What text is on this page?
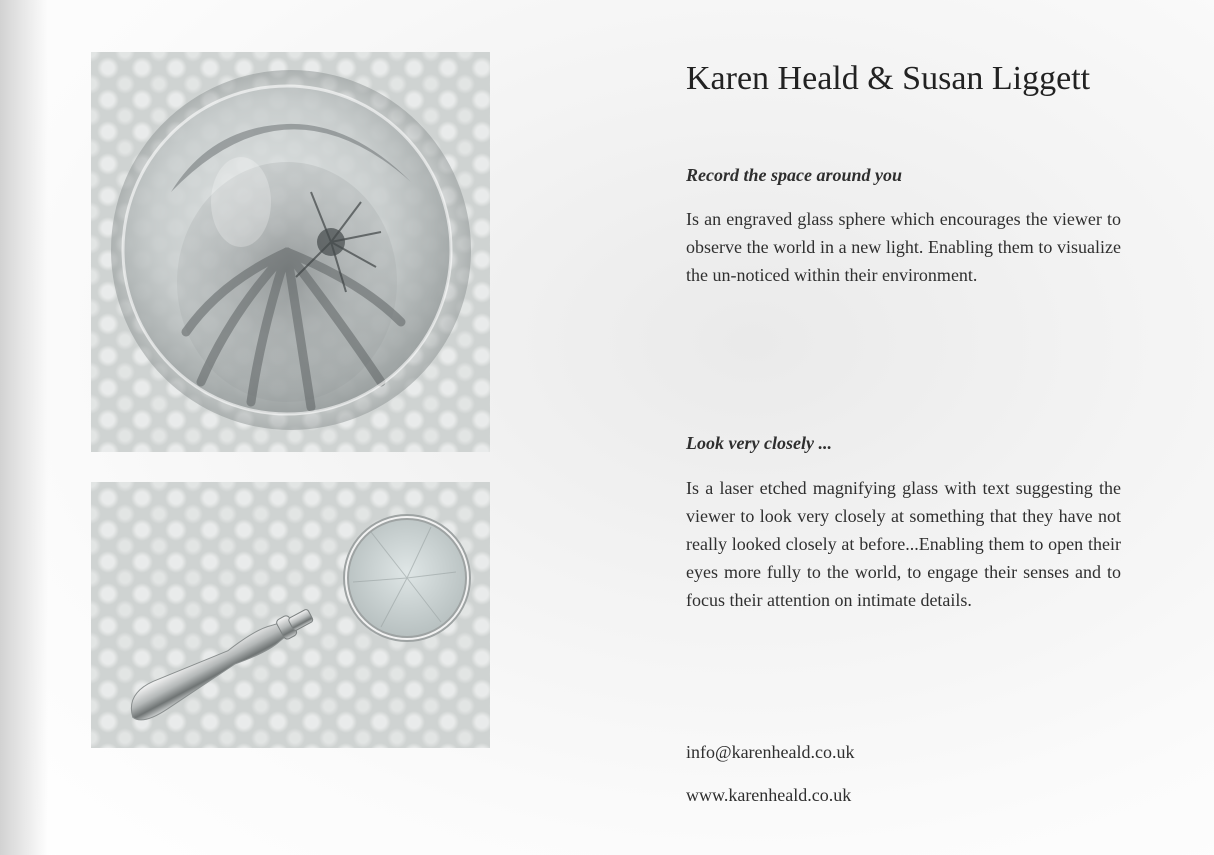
Karen Heald & Susan Liggett
Record the space around you

Is an engraved glass sphere which encourages the viewer to observe the world in a new light. Enabling them to visualize the un-noticed within their environment.

Look very closely ...

Is a laser etched magnifying glass with text suggesting the viewer to look very closely at something that they have not really looked closely at before...Enabling them to open their eyes more fully to the world, to engage their senses and to focus their attention on intimate details.

info@karenheald.co.uk

www.karenheald.co.uk
